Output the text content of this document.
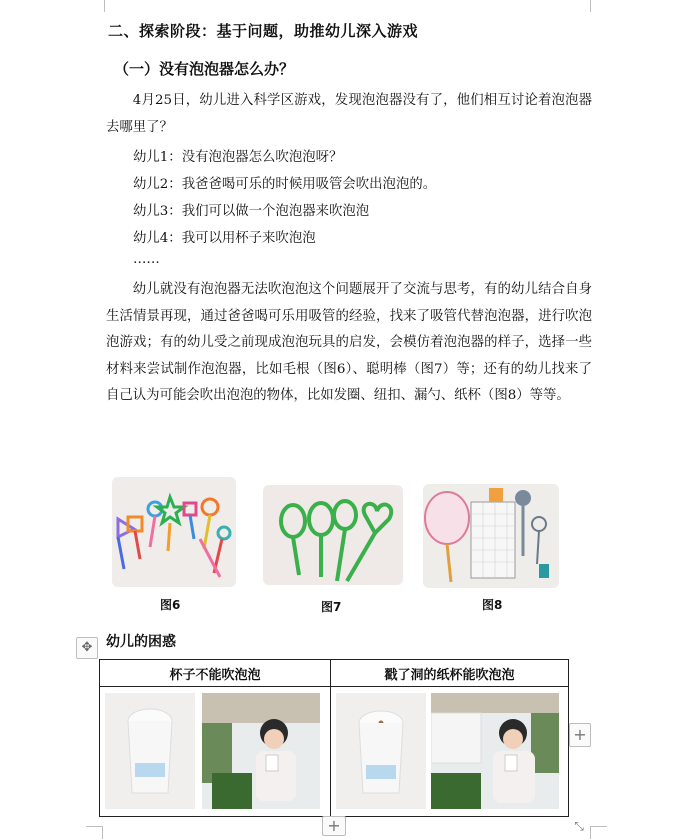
二、探索阶段：基于问题，助推幼儿深入游戏
（一）没有泡泡器怎么办？

4月25日，幼儿进入科学区游戏，发现泡泡器没有了，他们相互讨论着泡泡器去哪里了？

幼儿1：没有泡泡器怎么吹泡泡呀？
幼儿2：我爸爸喝可乐的时候用吸管会吹出泡泡的。
幼儿3：我们可以做一个泡泡器来吹泡泡
幼儿4：我可以用杯子来吹泡泡
……

幼儿就没有泡泡器无法吹泡泡这个问题展开了交流与思考，有的幼儿结合自身生活情景再现，通过爸爸喝可乐用吸管的经验，找来了吸管代替泡泡器，进行吹泡泡游戏；有的幼儿受之前现成泡泡玩具的启发，会模仿着泡泡器的样子，选择一些材料来尝试制作泡泡器，比如毛根（图6）、聪明棒（图7）等；还有的幼儿找来了自己认为可能会吹出泡泡的物体，比如发圈、纽扣、漏勺、纸杯（图8）等等。

图6	图7	图8
✥ 幼儿的困惑
杯子不能吹泡泡	戳了洞的纸杯能吹泡泡

+
+	⤡
